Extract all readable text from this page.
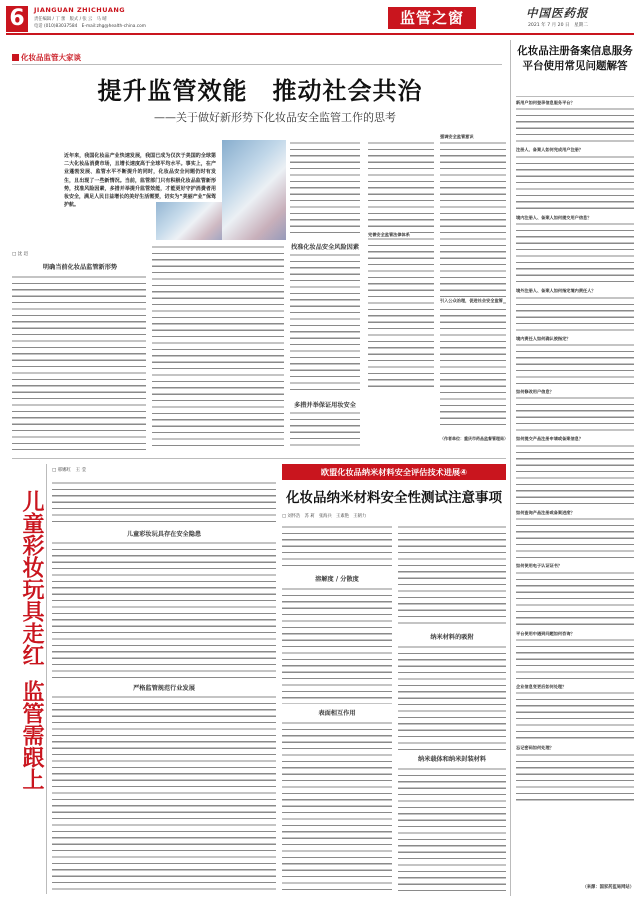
6	JIANGUAN ZHICHUANG
责任编辑 / 丁 蕾　版式 / 张 云　马 晴
电话 (010)83037584　E-mail:zhg@health-china.com	监管之窗	中国医药报
2021 年 7 月 20 日　星期二
化妆品监管大家谈
提升监管效能　推动社会共治
——关于做好新形势下化妆品安全监管工作的思考
近年来，我国化妆品产业快速发展，我国已成为仅次于美国的全球第二大化妆品消费市场，且增长速度高于全球平均水平。事实上，在产业蓬勃发展、监管水平不断提升的同时，化妆品安全问题仍时有发生，且出现了一些新情况。当前，监管部门只有积极化妆品监管新形势，找准风险因素，多措并举提升监管效能，才能更好守护消费者用妆安全，满足人民日益增长的美好生活需要，切实为“美丽产业”保驾护航。
找准化妆品安全风险因素
多措并举保证用妆安全
强调安全监管意识
完善安全监管法律体系
引入公众治理，促进社会安全监管
（作者单位：重庆市药品监督管理局）
□ 沈 迅
明确当前化妆品监管新形势
儿童彩妆玩具走红
监管需跟上
□ 邢娜红　王 莹
儿童彩妆玩具存在安全隐患
严格监管规范行业发展
欧盟化妆品纳米材料安全评估技术进展④
化妆品纳米材料安全性测试注意事项
□ 刘怀浩　苏 莉　张海兵　王素艳　王朝力
溶解度 / 分散度
表面相互作用
纳米材料的吸附
纳米载体和纳米封装材料
化妆品注册备案信息服务平台使用常见问题解答
新用户如何登录信息服务平台？
注册人、备案人如何完成用户注册？
境内注册人、备案人如何提交用户信息？
境外注册人、备案人如何指定境内责任人？
境内责任人如何确认被指定？
如何修改用户信息？
如何提交产品注册申请或备案信息？
如何查询产品注册或备案进度？
如何使用电子认证证书？
平台使用中遇到问题如何咨询？
企业信息变更后如何处理？
忘记密码如何处理？
（来源：国家药监局网站）
